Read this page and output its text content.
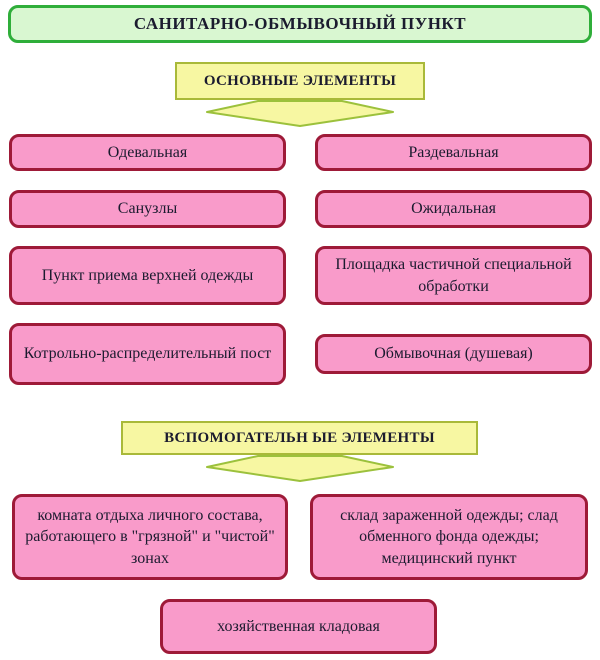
САНИТАРНО-ОБМЫВОЧНЫЙ ПУНКТ
ОСНОВНЫЕ ЭЛЕМЕНТЫ
Одевальная	Раздевальная
Санузлы	Ожидальная
Пункт приема верхней одежды
Площадка частичной специальной обработки
Котрольно-распределительный пост	Обмывочная (душевая)
ВСПОМОГАТЕЛЬН ЫЕ ЭЛЕМЕНТЫ
комната отдыха личного состава, работающего в "грязной" и "чистой" зонах
склад зараженной одежды; слад обменного фонда одежды; медицинский пункт
хозяйственная кладовая
